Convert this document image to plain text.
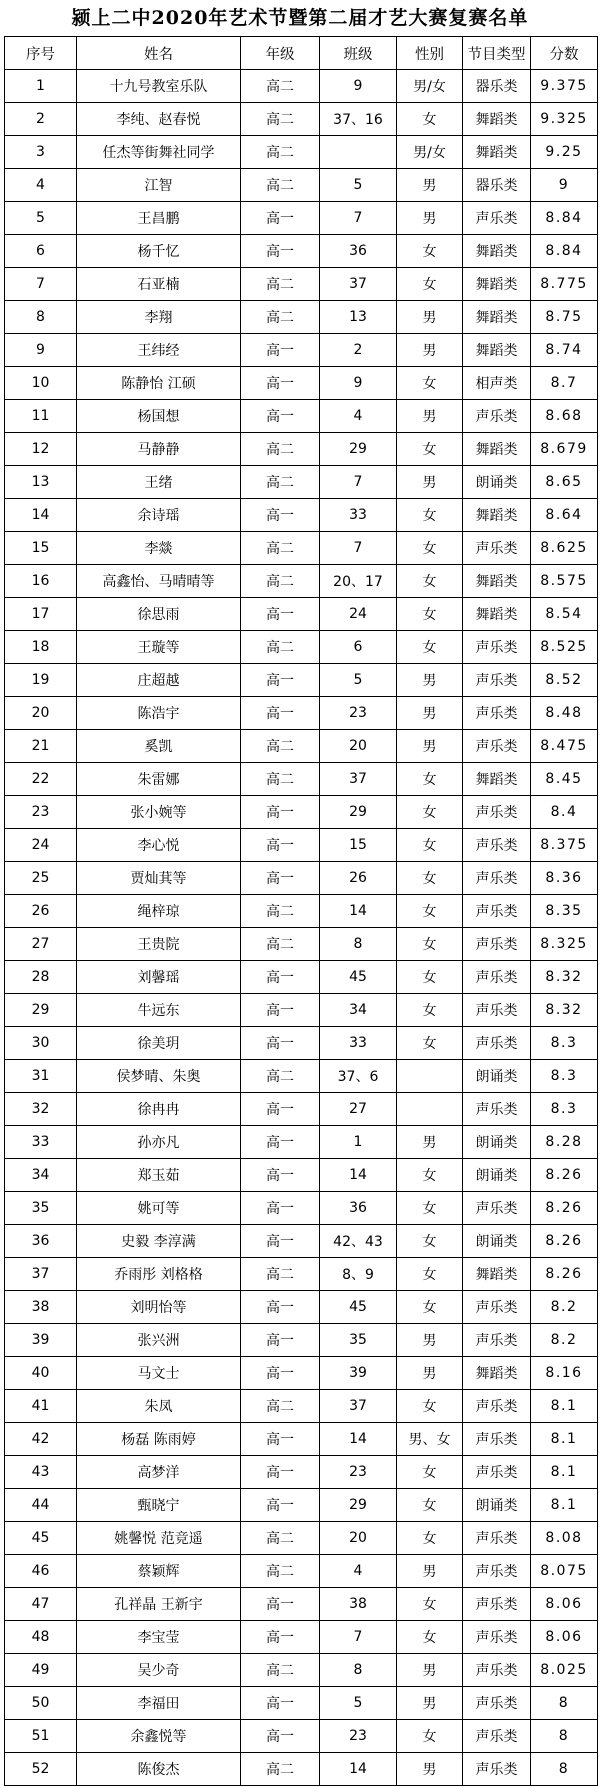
颍上二中2020年艺术节暨第二届才艺大赛复赛名单
序号	姓名	年级	班级	性别	节目类型	分数
1	十九号教室乐队	高二	9	男/女	器乐类	9.375
2	李纯、赵春悦	高二	37、16	女	舞蹈类	9.325
3	任杰等街舞社同学	高二		男/女	舞蹈类	9.25
4	江智	高二	5	男	器乐类	9
5	王昌鹏	高一	7	男	声乐类	8.84
6	杨千忆	高一	36	女	舞蹈类	8.84
7	石亚楠	高二	37	女	舞蹈类	8.775
8	李翔	高二	13	男	舞蹈类	8.75
9	王纬经	高一	2	男	舞蹈类	8.74
10	陈静怡 江硕	高一	9	女	相声类	8.7
11	杨国想	高一	4	男	声乐类	8.68
12	马静静	高二	29	女	舞蹈类	8.679
13	王绪	高二	7	男	朗诵类	8.65
14	余诗瑶	高一	33	女	舞蹈类	8.64
15	李燚	高二	7	女	声乐类	8.625
16	高鑫怡、马晴晴等	高二	20、17	女	舞蹈类	8.575
17	徐思雨	高一	24	女	舞蹈类	8.54
18	王璇等	高二	6	女	声乐类	8.525
19	庄超越	高一	5	男	声乐类	8.52
20	陈浩宇	高一	23	男	声乐类	8.48
21	奚凯	高二	20	男	声乐类	8.475
22	朱雷娜	高二	37	女	舞蹈类	8.45
23	张小婉等	高一	29	女	声乐类	8.4
24	李心悦	高一	15	女	声乐类	8.375
25	贾灿萁等	高一	26	女	声乐类	8.36
26	绳梓琼	高二	14	女	声乐类	8.35
27	王贵院	高二	8	女	声乐类	8.325
28	刘馨瑶	高一	45	女	声乐类	8.32
29	牛远东	高一	34	女	声乐类	8.32
30	徐美玥	高一	33	女	声乐类	8.3
31	侯梦晴、朱奥	高二	37、6		朗诵类	8.3
32	徐冉冉	高一	27		声乐类	8.3
33	孙亦凡	高一	1	男	朗诵类	8.28
34	郑玉茹	高一	14	女	朗诵类	8.26
35	姚可等	高一	36	女	声乐类	8.26
36	史毅 李淳满	高一	42、43	女	朗诵类	8.26
37	乔雨彤 刘格格	高二	8、9	女	舞蹈类	8.26
38	刘明怡等	高一	45	女	声乐类	8.2
39	张兴洲	高一	35	男	声乐类	8.2
40	马文士	高一	39	男	舞蹈类	8.16
41	朱凤	高二	37	女	声乐类	8.1
42	杨磊 陈雨婷	高一	14	男、女	声乐类	8.1
43	高梦洋	高一	23	女	声乐类	8.1
44	甄晓宁	高一	29	女	朗诵类	8.1
45	姚馨悦 范竞遥	高二	20	女	声乐类	8.08
46	蔡颖辉	高二	4	男	声乐类	8.075
47	孔祥晶 王新宇	高一	38	女	声乐类	8.06
48	李宝莹	高一	7	女	声乐类	8.06
49	吴少奇	高二	8	男	声乐类	8.025
50	李福田	高一	5	男	声乐类	8
51	余鑫悦等	高一	23	女	声乐类	8
52	陈俊杰	高二	14	男	声乐类	8
